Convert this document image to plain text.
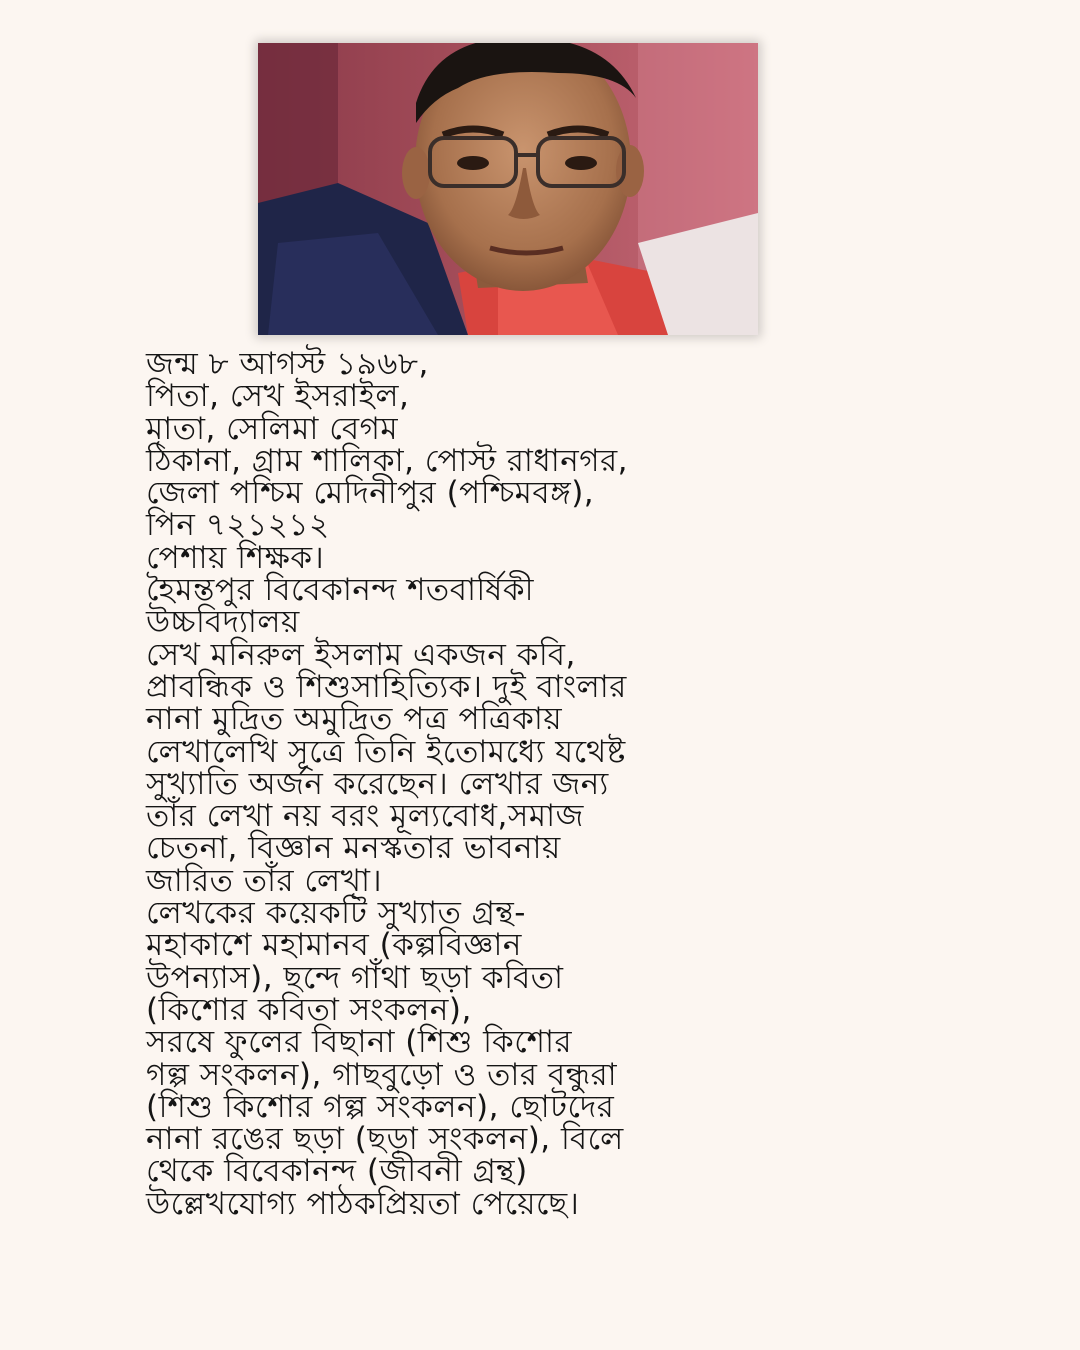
জন্ম ৮ আগস্ট ১৯৬৮,
পিতা, সেখ ইসরাইল,
মাতা, সেলিমা বেগম
ঠিকানা, গ্রাম শালিকা, পোস্ট রাধানগর,
জেলা পশ্চিম মেদিনীপুর (পশ্চিমবঙ্গ),
পিন ৭২১২১২
পেশায় শিক্ষক।
হৈমন্তপুর বিবেকানন্দ শতবার্ষিকী
উচ্চবিদ্যালয়
সেখ মনিরুল ইসলাম একজন কবি,
প্রাবন্ধিক ও শিশুসাহিত্যিক। দুই বাংলার
নানা মুদ্রিত অমুদ্রিত পত্র পত্রিকায়
লেখালেখি সূত্রে তিনি ইতোমধ্যে যথেষ্ট
সুখ্যাতি অর্জন করেছেন। লেখার জন্য
তাঁর লেখা নয় বরং মূল্যবোধ,সমাজ
চেতনা, বিজ্ঞান মনস্কতার ভাবনায়
জারিত তাঁর লেখা।
লেখকের কয়েকটি সুখ্যাত গ্রন্থ-
মহাকাশে মহামানব (কল্পবিজ্ঞান
উপন্যাস), ছন্দে গাঁথা ছড়া কবিতা
(কিশোর কবিতা সংকলন),
সরষে ফুলের বিছানা (শিশু কিশোর
গল্প সংকলন), গাছবুড়ো ও তার বন্ধুরা
(শিশু কিশোর গল্প সংকলন), ছোটদের
নানা রঙের ছড়া (ছড়া সংকলন), বিলে
থেকে বিবেকানন্দ (জীবনী গ্রন্থ)
উল্লেখযোগ্য পাঠকপ্রিয়তা পেয়েছে।
